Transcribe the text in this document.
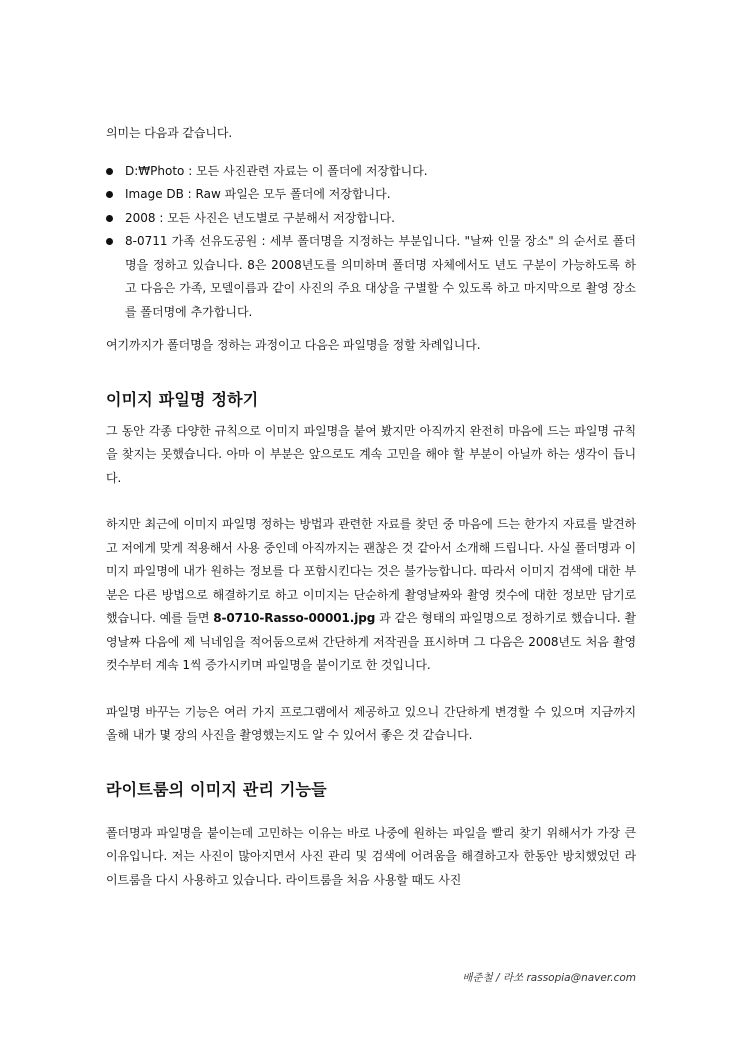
의미는 다음과 같습니다.

D:₩Photo : 모든 사진관련 자료는 이 폴더에 저장합니다.
Image DB : Raw 파일은 모두 폴더에 저장합니다.
2008 : 모든 사진은 년도별로 구분해서 저장합니다.
8-0711 가족 선유도공원 : 세부 폴더명을 지정하는 부분입니다. "날짜 인물 장소" 의 순서로 폴더명을 정하고 있습니다. 8은 2008년도를 의미하며 폴더명 자체에서도 년도 구분이 가능하도록 하고 다음은 가족, 모델이름과 같이 사진의 주요 대상을 구별할 수 있도록 하고 마지막으로 촬영 장소를 폴더명에 추가합니다.

여기까지가 폴더명을 정하는 과정이고 다음은 파일명을 정할 차례입니다.

이미지 파일명 정하기

그 동안 각종 다양한 규칙으로 이미지 파일명을 붙여 봤지만 아직까지 완전히 마음에 드는 파일명 규칙을 찾지는 못했습니다. 아마 이 부분은 앞으로도 계속 고민을 해야 할 부분이 아닐까 하는 생각이 듭니다.

하지만 최근에 이미지 파일명 정하는 방법과 관련한 자료를 찾던 중 마음에 드는 한가지 자료를 발견하고 저에게 맞게 적용해서 사용 중인데 아직까지는 괜찮은 것 같아서 소개해 드립니다. 사실 폴더명과 이미지 파일명에 내가 원하는 정보를 다 포함시킨다는 것은 불가능합니다. 따라서 이미지 검색에 대한 부분은 다른 방법으로 해결하기로 하고 이미지는 단순하게 촬영날짜와 촬영 컷수에 대한 정보만 담기로 했습니다. 예를 들면 8-0710-Rasso-00001.jpg 과 같은 형태의 파일명으로 정하기로 했습니다. 촬영날짜 다음에 제 닉네임을 적어둠으로써 간단하게 저작권을 표시하며 그 다음은 2008년도 처음 촬영 컷수부터 계속 1씩 증가시키며 파일명을 붙이기로 한 것입니다.

파일명 바꾸는 기능은 여러 가지 프로그램에서 제공하고 있으니 간단하게 변경할 수 있으며 지금까지 올해 내가 몇 장의 사진을 촬영했는지도 알 수 있어서 좋은 것 같습니다.

라이트룸의 이미지 관리 기능들

폴더명과 파일명을 붙이는데 고민하는 이유는 바로 나중에 원하는 파일을 빨리 찾기 위해서가 가장 큰 이유입니다. 저는 사진이 많아지면서 사진 관리 및 검색에 어려움을 해결하고자 한동안 방치했었던 라이트룸을 다시 사용하고 있습니다. 라이트룸을 처음 사용할 때도 사진

배준철 / 라쏘 rassopia@naver.com
